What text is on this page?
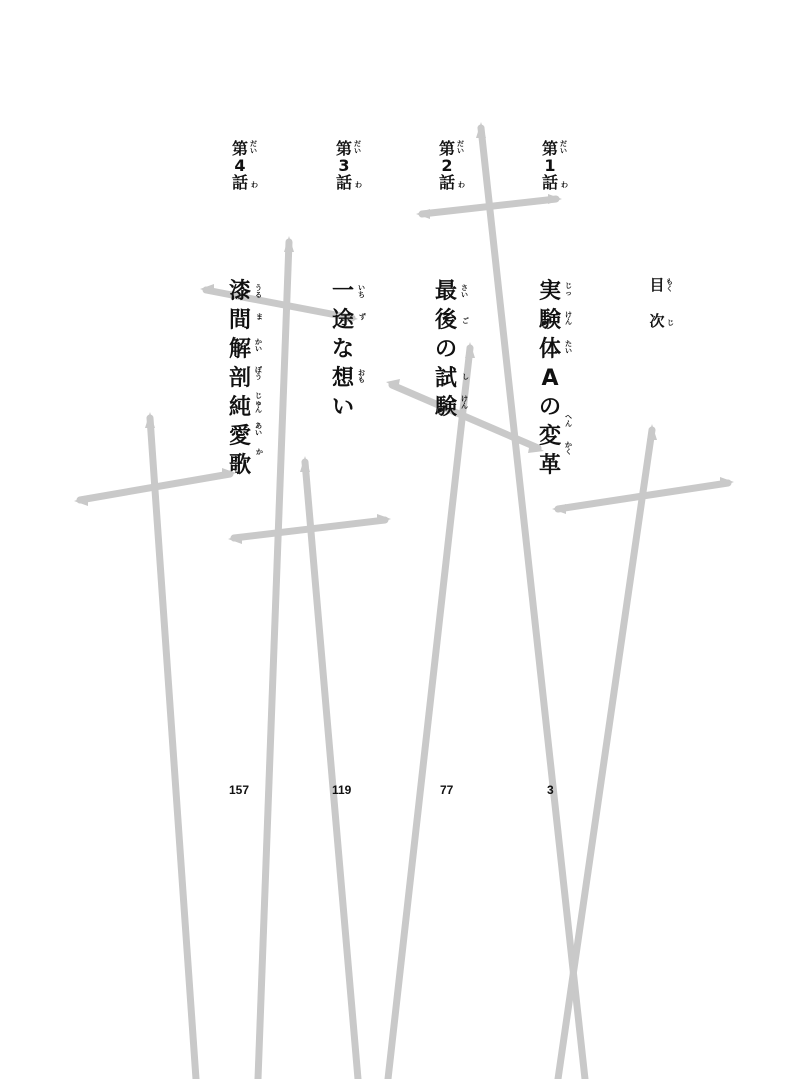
目
次
もく
じ
第
1
話
だい
わ
実
験
体
A
の
変
革
じっ
けん
たい
へん
かく
3
第
2
話
だい
わ
最
後
の
試
験
さい
ご
し
けん
77
第
3
話
だい
わ
一
途
な
想
い
いち
ず
おも
119
第
4
話
だい
わ
漆
間
解
剖
純
愛
歌
うる
ま
かい
ぼう
じゅん
あい
か
157
